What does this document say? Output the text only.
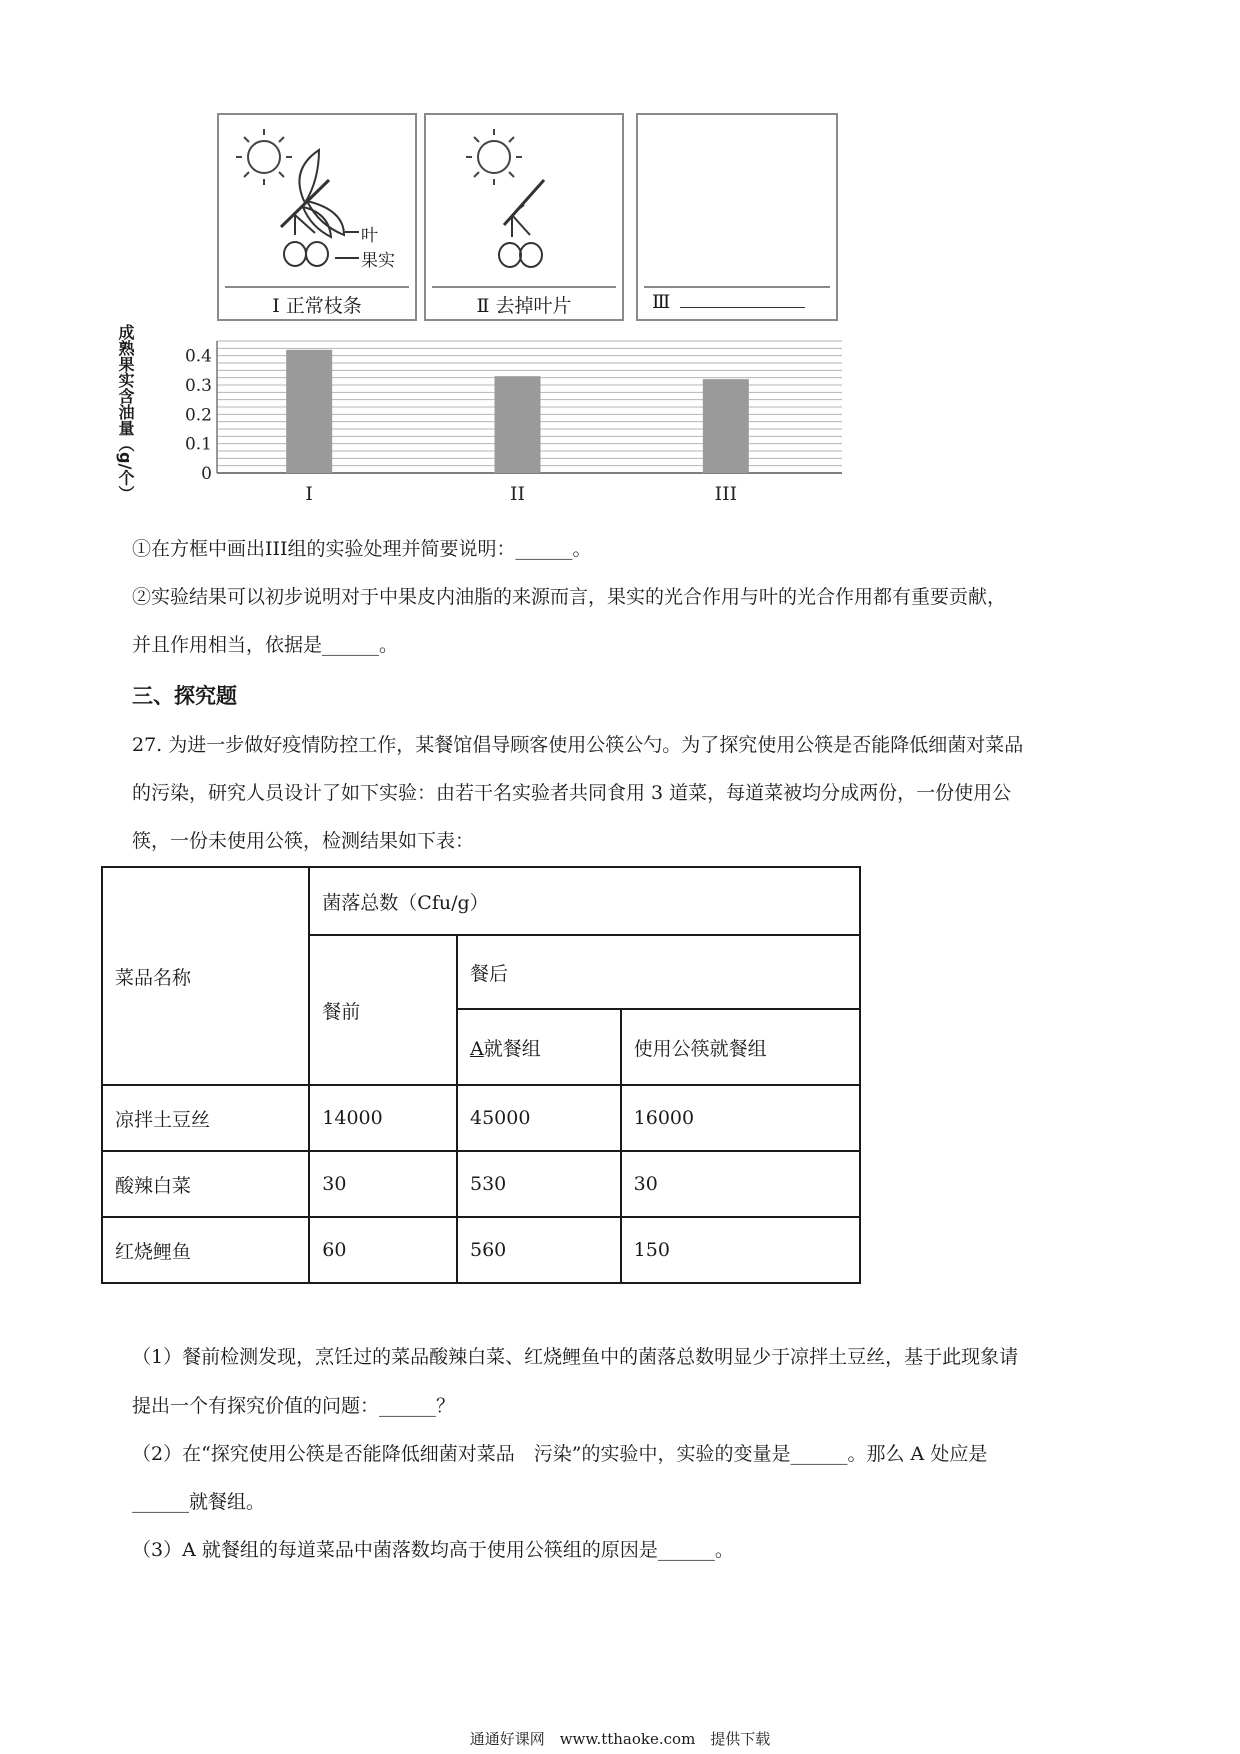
叶
果实
Ⅰ 正常枝条	Ⅱ 去掉叶片	Ⅲ
0
0.1
0.2
0.3
0.4
I	II	III
成熟果实含油量（g/个）
①在方框中画出III组的实验处理并简要说明：______。
②实验结果可以初步说明对于中果皮内油脂的来源而言，果实的光合作用与叶的光合作用都有重要贡献，
并且作用相当，依据是______。
三、探究题
27. 为进一步做好疫情防控工作，某餐馆倡导顾客使用公筷公勺。为了探究使用公筷是否能降低细菌对菜品
的污染，研究人员设计了如下实验：由若干名实验者共同食用 3 道菜，每道菜被均分成两份，一份使用公
筷，一份未使用公筷，检测结果如下表：
菜品名称	菌落总数（Cfu/g）		
	餐前	餐后	
		A就餐组	使用公筷就餐组
凉拌土豆丝	14000	45000	16000
酸辣白菜	30	530	30
红烧鲤鱼	60	560	150
（1）餐前检测发现，烹饪过的菜品酸辣白菜、红烧鲤鱼中的菌落总数明显少于凉拌土豆丝，基于此现象请
提出一个有探究价值的问题：______？
（2）在“探究使用公筷是否能降低细菌对菜品　污染”的实验中，实验的变量是______。那么 A 处应是
______就餐组。
（3）A 就餐组的每道菜品中菌落数均高于使用公筷组的原因是______。
通通好课网　www.tthaoke.com　提供下载
